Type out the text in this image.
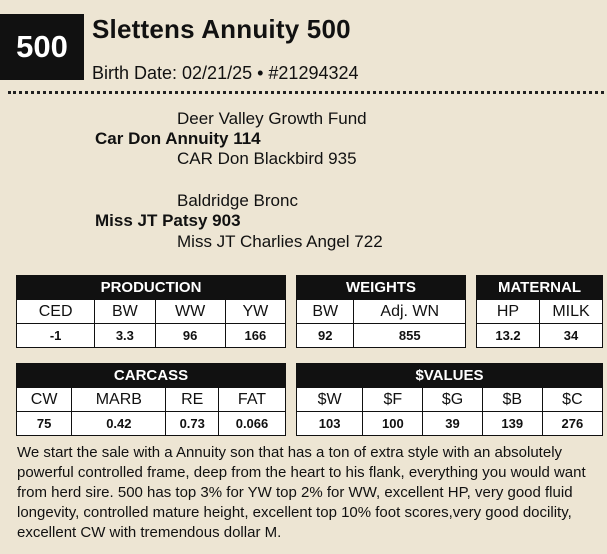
500 Slettens Annuity 500
Birth Date: 02/21/25 • #21294324
Deer Valley Growth Fund
Car Don Annuity 114
CAR Don Blackbird 935
Baldridge Bronc
Miss JT Patsy 903
Miss JT Charlies Angel 722
PRODUCTION			
CED	BW	WW	YW
-1	3.3	96	166
WEIGHTS	
BW	Adj. WN
92	855
MATERNAL	
HP	MILK
13.2	34
CARCASS			
CW	MARB	RE	FAT
75	0.42	0.73	0.066
$VALUES				
$W	$F	$G	$B	$C
103	100	39	139	276
We start the sale with a Annuity son that has a ton of extra style with an absolutely powerful controlled frame, deep from the heart to his flank, everything you would want from herd sire. 500 has top 3% for YW top 2% for WW, excellent HP, very good fluid longevity, controlled mature height, excellent top 10% foot scores,very good docility, excellent CW with tremendous dollar M.
